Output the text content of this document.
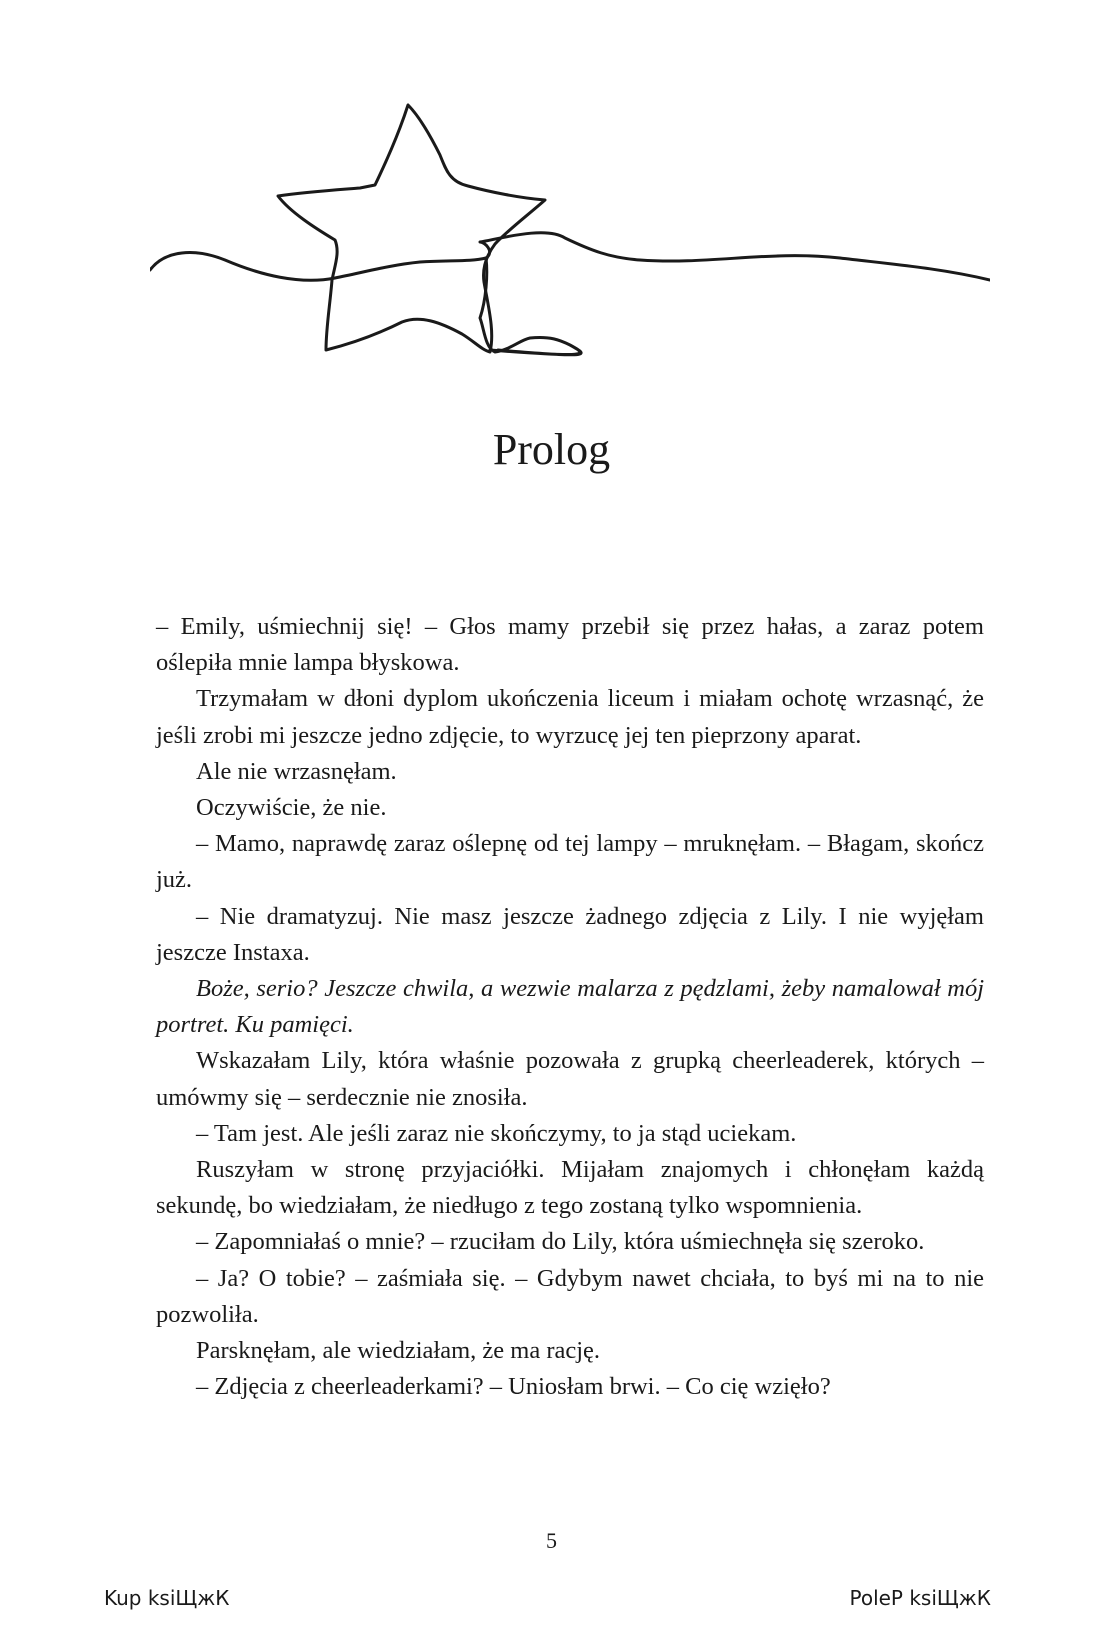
Prolog

– Emily, uśmiechnij się! – Głos mamy przebił się przez hałas, a zaraz potem oślepiła mnie lampa błyskowa.

Trzymałam w dłoni dyplom ukończenia liceum i miałam ochotę wrzasnąć, że jeśli zrobi mi jeszcze jedno zdjęcie, to wyrzucę jej ten pieprzony aparat.

Ale nie wrzasnęłam.

Oczywiście, że nie.

– Mamo, naprawdę zaraz oślepnę od tej lampy – mruknęłam. – Błagam, skończ już.

– Nie dramatyzuj. Nie masz jeszcze żadnego zdjęcia z Lily. I nie wyjęłam jeszcze Instaxa.

Boże, serio? Jeszcze chwila, a wezwie malarza z pędzlami, żeby namalował mój portret. Ku pamięci.

Wskazałam Lily, która właśnie pozowała z grupką cheerleaderek, których – umówmy się – serdecznie nie znosiła.

– Tam jest. Ale jeśli zaraz nie skończymy, to ja stąd uciekam.

Ruszyłam w stronę przyjaciółki. Mijałam znajomych i chłonęłam każdą sekundę, bo wiedziałam, że niedługo z tego zostaną tylko wspomnienia.

– Zapomniałaś o mnie? – rzuciłam do Lily, która uśmiechnęła się szeroko.

– Ja? O tobie? – zaśmiała się. – Gdybym nawet chciała, to byś mi na to nie pozwoliła.

Parsknęłam, ale wiedziałam, że ma rację.

– Zdjęcia z cheerleaderkami? – Uniosłam brwi. – Co cię wzięło?

5
Kup ksiЩжК	PoleР ksiЩжК
